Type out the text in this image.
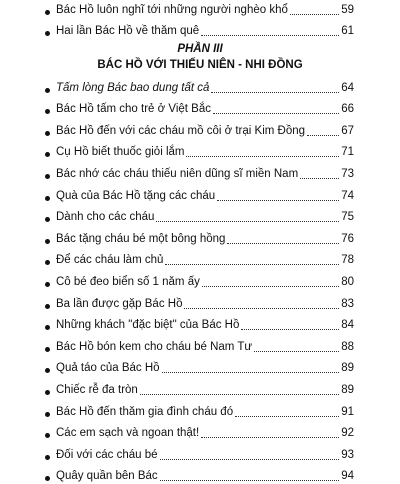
Bác Hồ luôn nghĩ tới những người nghèo khổ	59
Hai lần Bác Hồ về thăm quê	61
PHẦN III
BÁC HỒ VỚI THIẾU NIÊN - NHI ĐỒNG
Tấm lòng Bác bao dung tất cả	64
Bác Hồ tấm cho trẻ ở Việt Bắc	66
Bác Hồ đến với các cháu mồ côi ở trại Kim Đồng	67
Cụ Hồ biết thuốc giỏi lắm	71
Bác nhớ các cháu thiếu niên dũng sĩ miền Nam	73
Quà của Bác Hồ tặng các cháu	74
Dành cho các cháu	75
Bác tặng cháu bé một bông hồng	76
Để các cháu làm chủ	78
Cô bé đeo biển số 1 năm ấy	80
Ba lần được gặp Bác Hồ	83
Những khách "đặc biệt" của Bác Hồ	84
Bác Hồ bón kem cho cháu bé Nam Tư	88
Quả táo của Bác Hồ	89
Chiếc rễ đa tròn	89
Bác Hồ đến thăm gia đình cháu đó	91
Các em sạch và ngoan thật!	92
Đối với các cháu bé	93
Quây quần bên Bác	94
